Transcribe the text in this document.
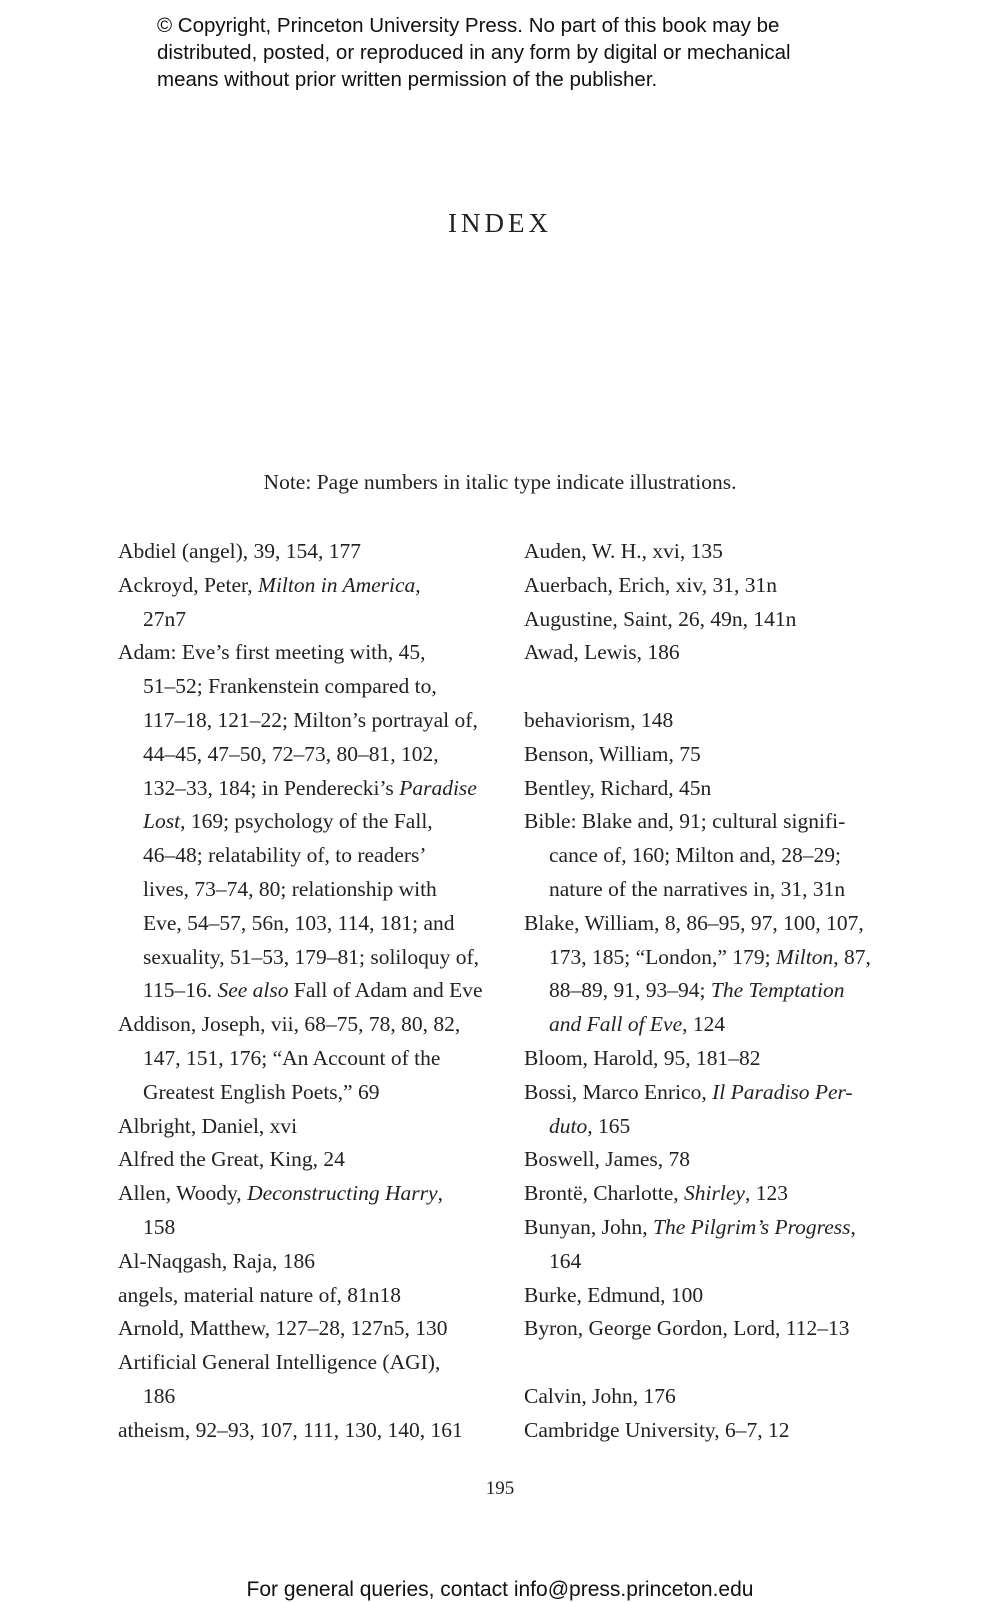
© Copyright, Princeton University Press. No part of this book may be
distributed, posted, or reproduced in any form by digital or mechanical
means without prior written permission of the publisher.
INDEX
Note: Page numbers in italic type indicate illustrations.
Abdiel (angel), 39, 154, 177
Ackroyd, Peter, Milton in America,
27n7
Adam: Eve’s first meeting with, 45,
51–52; Frankenstein compared to,
117–18, 121–22; Milton’s portrayal of,
44–45, 47–50, 72–73, 80–81, 102,
132–33, 184; in Penderecki’s Paradise
Lost, 169; psychology of the Fall,
46–48; relatability of, to readers’
lives, 73–74, 80; relationship with
Eve, 54–57, 56n, 103, 114, 181; and
sexuality, 51–53, 179–81; soliloquy of,
115–16. See also Fall of Adam and Eve
Addison, Joseph, vii, 68–75, 78, 80, 82,
147, 151, 176; “An Account of the
Greatest English Poets,” 69
Albright, Daniel, xvi
Alfred the Great, King, 24
Allen, Woody, Deconstructing Harry,
158
Al-Naqgash, Raja, 186
angels, material nature of, 81n18
Arnold, Matthew, 127–28, 127n5, 130
Artificial General Intelligence (AGI),
186
atheism, 92–93, 107, 111, 130, 140, 161
Auden, W. H., xvi, 135
Auerbach, Erich, xiv, 31, 31n
Augustine, Saint, 26, 49n, 141n
Awad, Lewis, 186
behaviorism, 148
Benson, William, 75
Bentley, Richard, 45n
Bible: Blake and, 91; cultural signifi-
cance of, 160; Milton and, 28–29;
nature of the narratives in, 31, 31n
Blake, William, 8, 86–95, 97, 100, 107,
173, 185; “London,” 179; Milton, 87,
88–89, 91, 93–94; The Temptation
and Fall of Eve, 124
Bloom, Harold, 95, 181–82
Bossi, Marco Enrico, Il Paradiso Per-
duto, 165
Boswell, James, 78
Brontë, Charlotte, Shirley, 123
Bunyan, John, The Pilgrim’s Progress,
164
Burke, Edmund, 100
Byron, George Gordon, Lord, 112–13
Calvin, John, 176
Cambridge University, 6–7, 12
195
For general queries, contact info@press.princeton.edu
